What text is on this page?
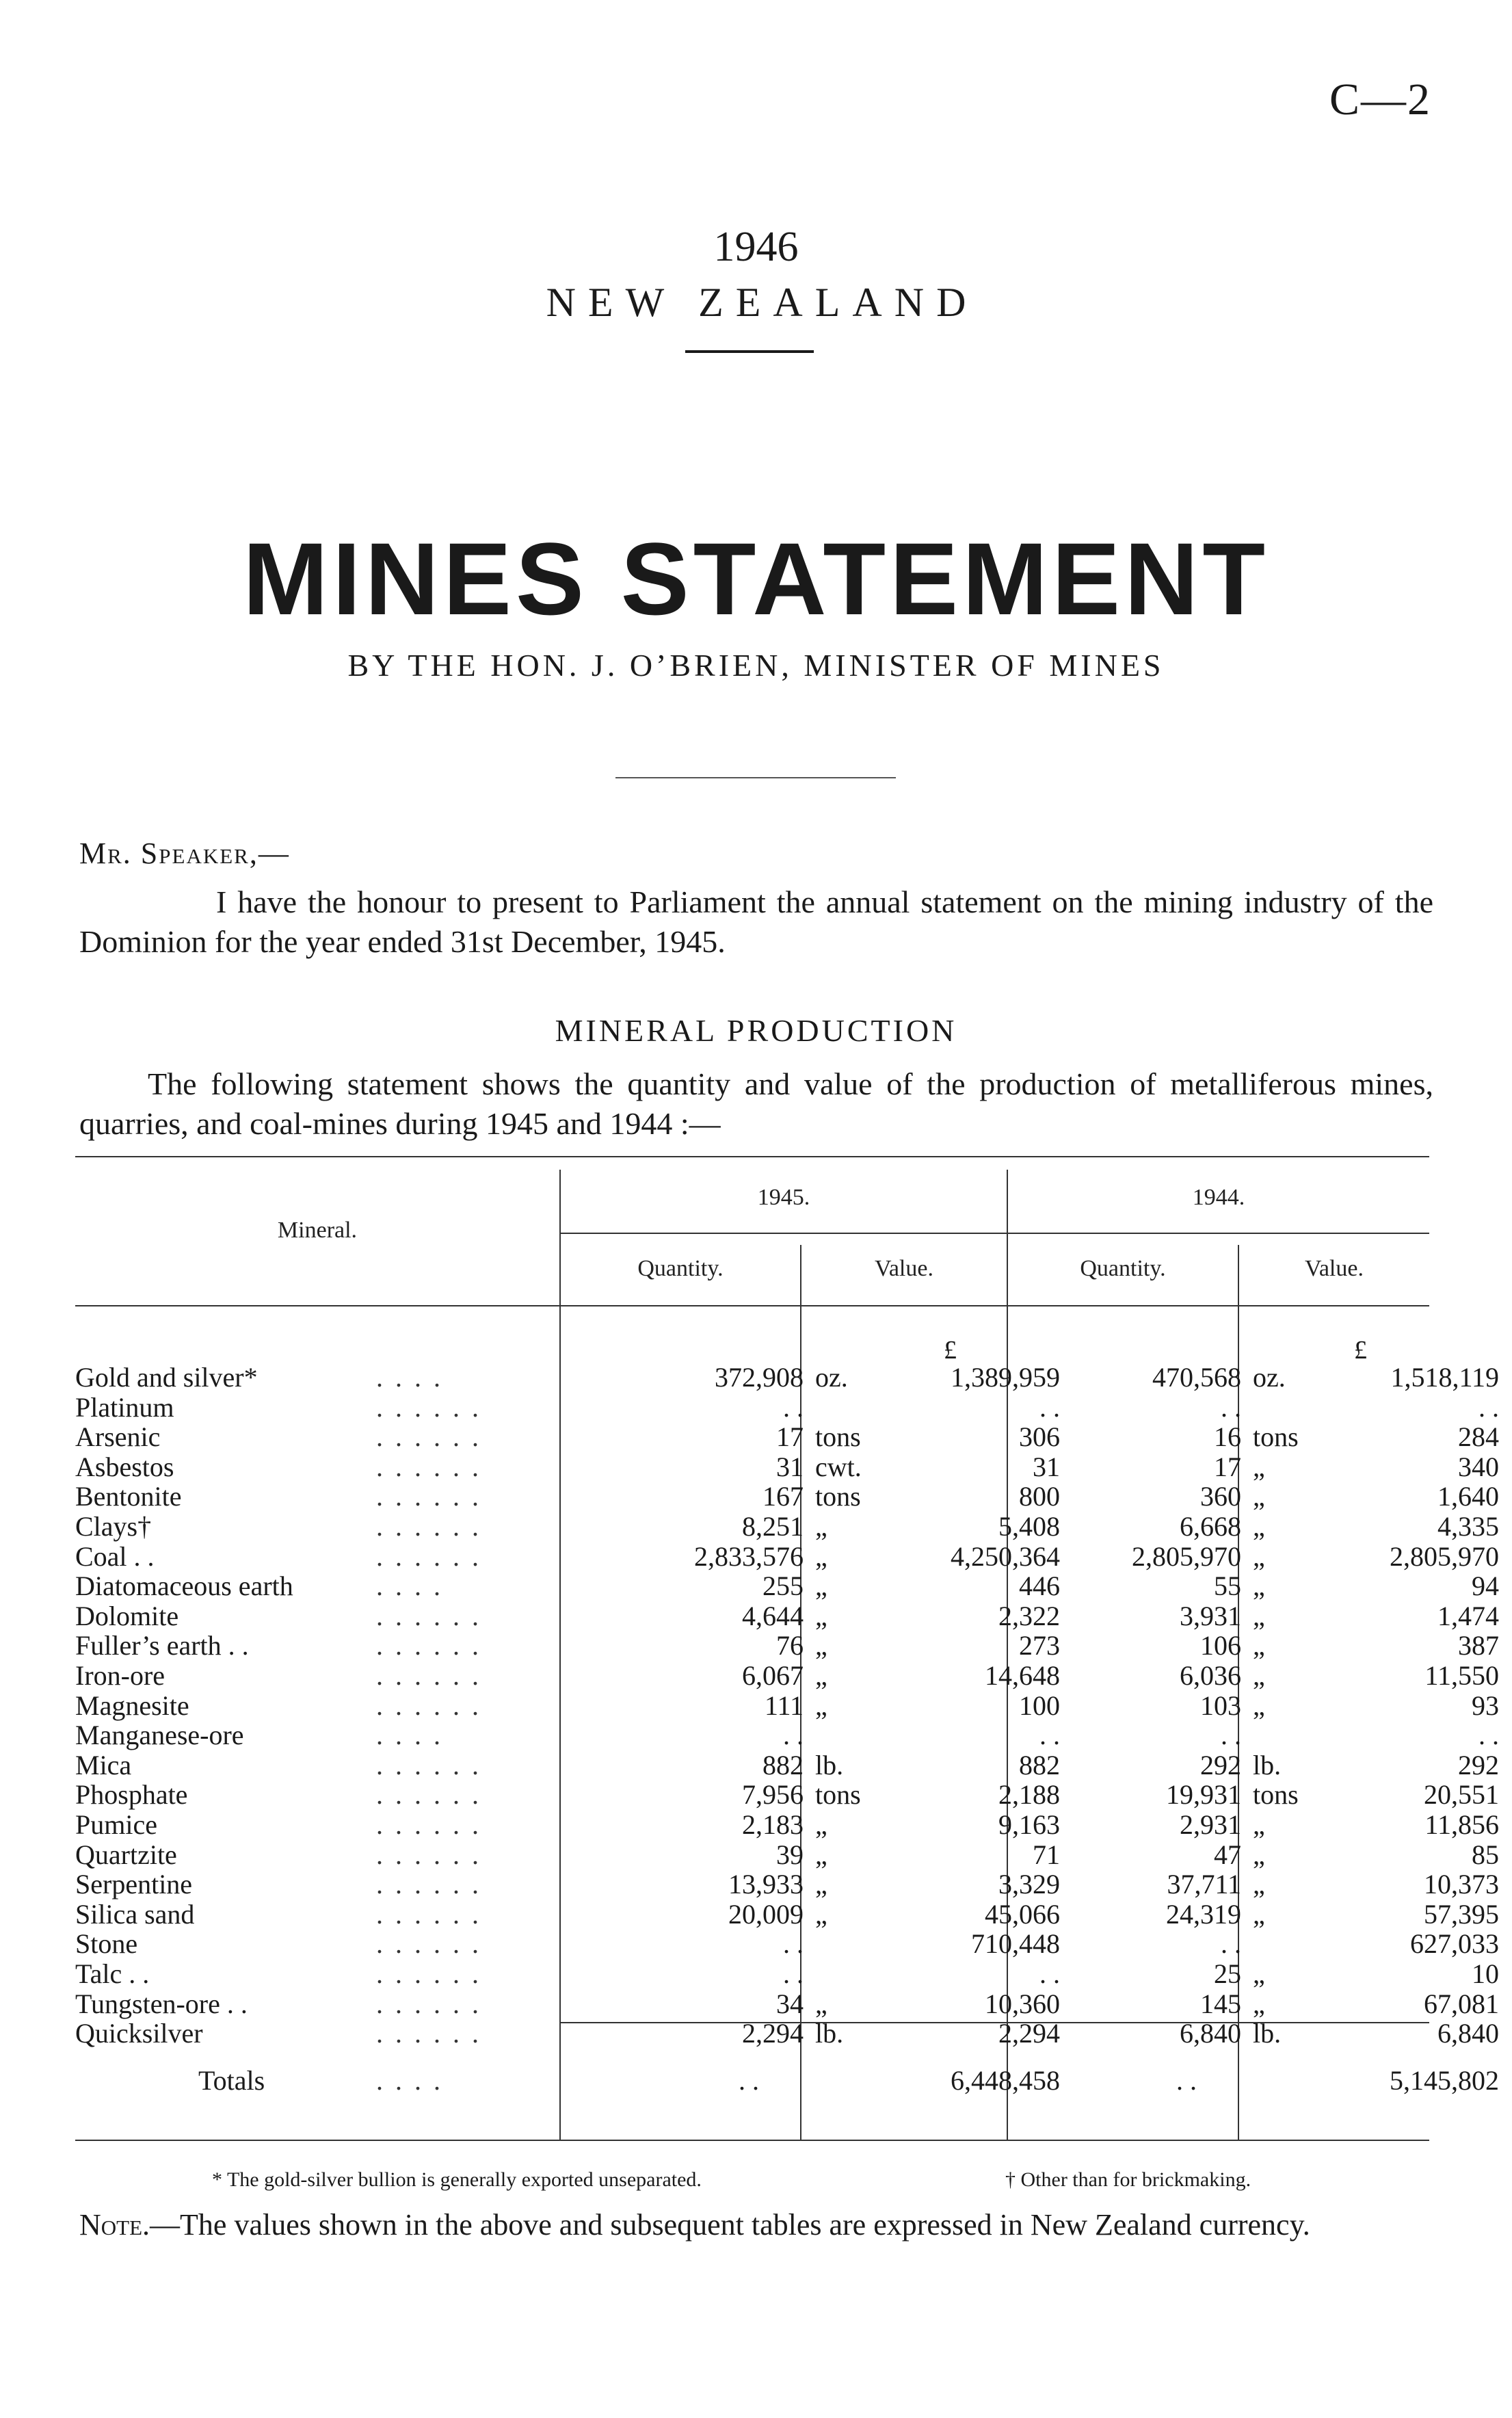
C—2
1946
NEW ZEALAND
MINES STATEMENT
BY THE HON. J. O’BRIEN, MINISTER OF MINES
Mr. Speaker,—
I have the honour to present to Parliament the annual statement on the mining industry of the Dominion for the year ended 31st December, 1945.
MINERAL PRODUCTION
The following statement shows the quantity and value of the production of metalliferous mines, quarries, and coal-mines during 1945 and 1944 :—
Mineral.
1945.	1944.
Quantity.	Value.	Quantity.	Value.
£	£
Gold and silver*	. . . .	372,908 oz.	1,389,959	470,568 oz.	1,518,119
Platinum	. . . . . .	. .	. .	. .	. .
Arsenic	. . . . . .	17 tons	306	16 tons	284
Asbestos	. . . . . .	31 cwt.	31	17 „	340
Bentonite	. . . . . .	167 tons	800	360 „	1,640
Clays†	. . . . . .	8,251 „	5,408	6,668 „	4,335
Coal . .	. . . . . .	2,833,576 „	4,250,364	2,805,970 „	2,805,970
Diatomaceous earth	. . . .	255 „	446	55 „	94
Dolomite	. . . . . .	4,644 „	2,322	3,931 „	1,474
Fuller’s earth . .	. . . . . .	76 „	273	106 „	387
Iron-ore	. . . . . .	6,067 „	14,648	6,036 „	11,550
Magnesite	. . . . . .	111 „	100	103 „	93
Manganese-ore	. . . .	. .	. .	. .	. .
Mica	. . . . . .	882 lb.	882	292 lb.	292
Phosphate	. . . . . .	7,956 tons	2,188	19,931 tons	20,551
Pumice	. . . . . .	2,183 „	9,163	2,931 „	11,856
Quartzite	. . . . . .	39 „	71	47 „	85
Serpentine	. . . . . .	13,933 „	3,329	37,711 „	10,373
Silica sand	. . . . . .	20,009 „	45,066	24,319 „	57,395
Stone	. . . . . .	. .	710,448	. .	627,033
Talc . .	. . . . . .	. .	. .	25 „	10
Tungsten-ore . .	. . . . . .	34 „	10,360	145 „	67,081
Quicksilver	. . . . . .	2,294 lb.	2,294	6,840 lb.	6,840
Totals	. . . .	. .	6,448,458	. .	5,145,802
* The gold-silver bullion is generally exported unseparated.	† Other than for brickmaking.
Note.—The values shown in the above and subsequent tables are expressed in New Zealand currency.
